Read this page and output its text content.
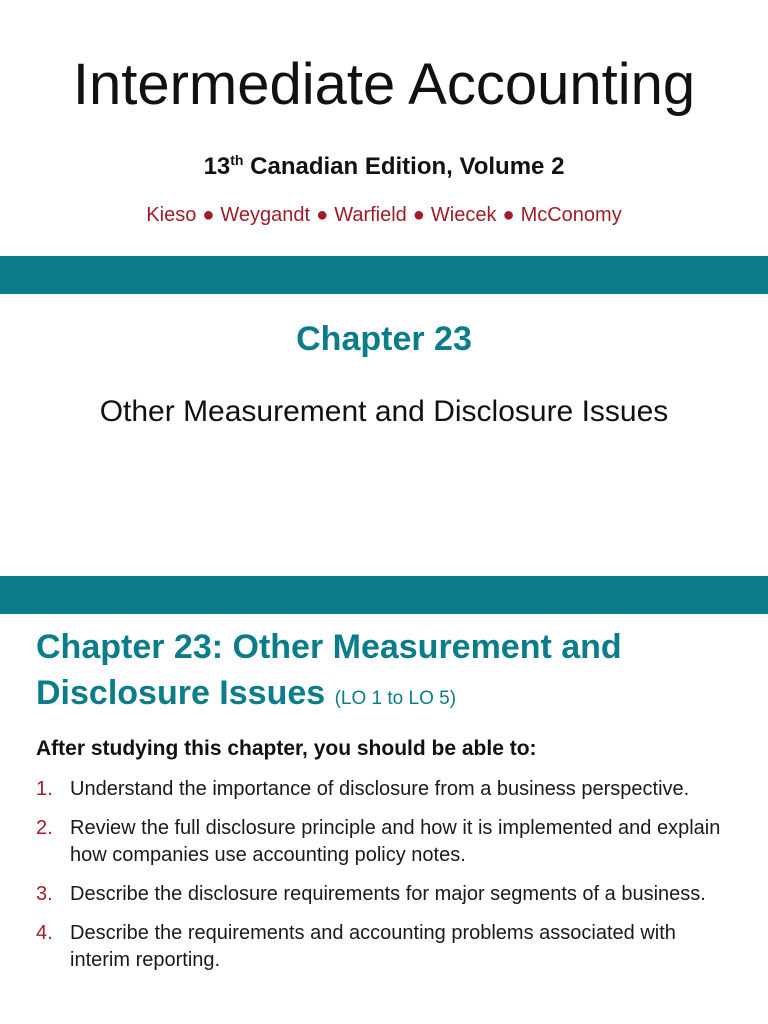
Intermediate Accounting
13th Canadian Edition, Volume 2
Kieso ● Weygandt ● Warfield ● Wiecek ● McConomy
Chapter 23
Other Measurement and Disclosure Issues
Chapter 23: Other Measurement and Disclosure Issues (LO 1 to LO 5)
After studying this chapter, you should be able to:
1. Understand the importance of disclosure from a business perspective.
2. Review the full disclosure principle and how it is implemented and explain how companies use accounting policy notes.
3. Describe the disclosure requirements for major segments of a business.
4. Describe the requirements and accounting problems associated with interim reporting.
